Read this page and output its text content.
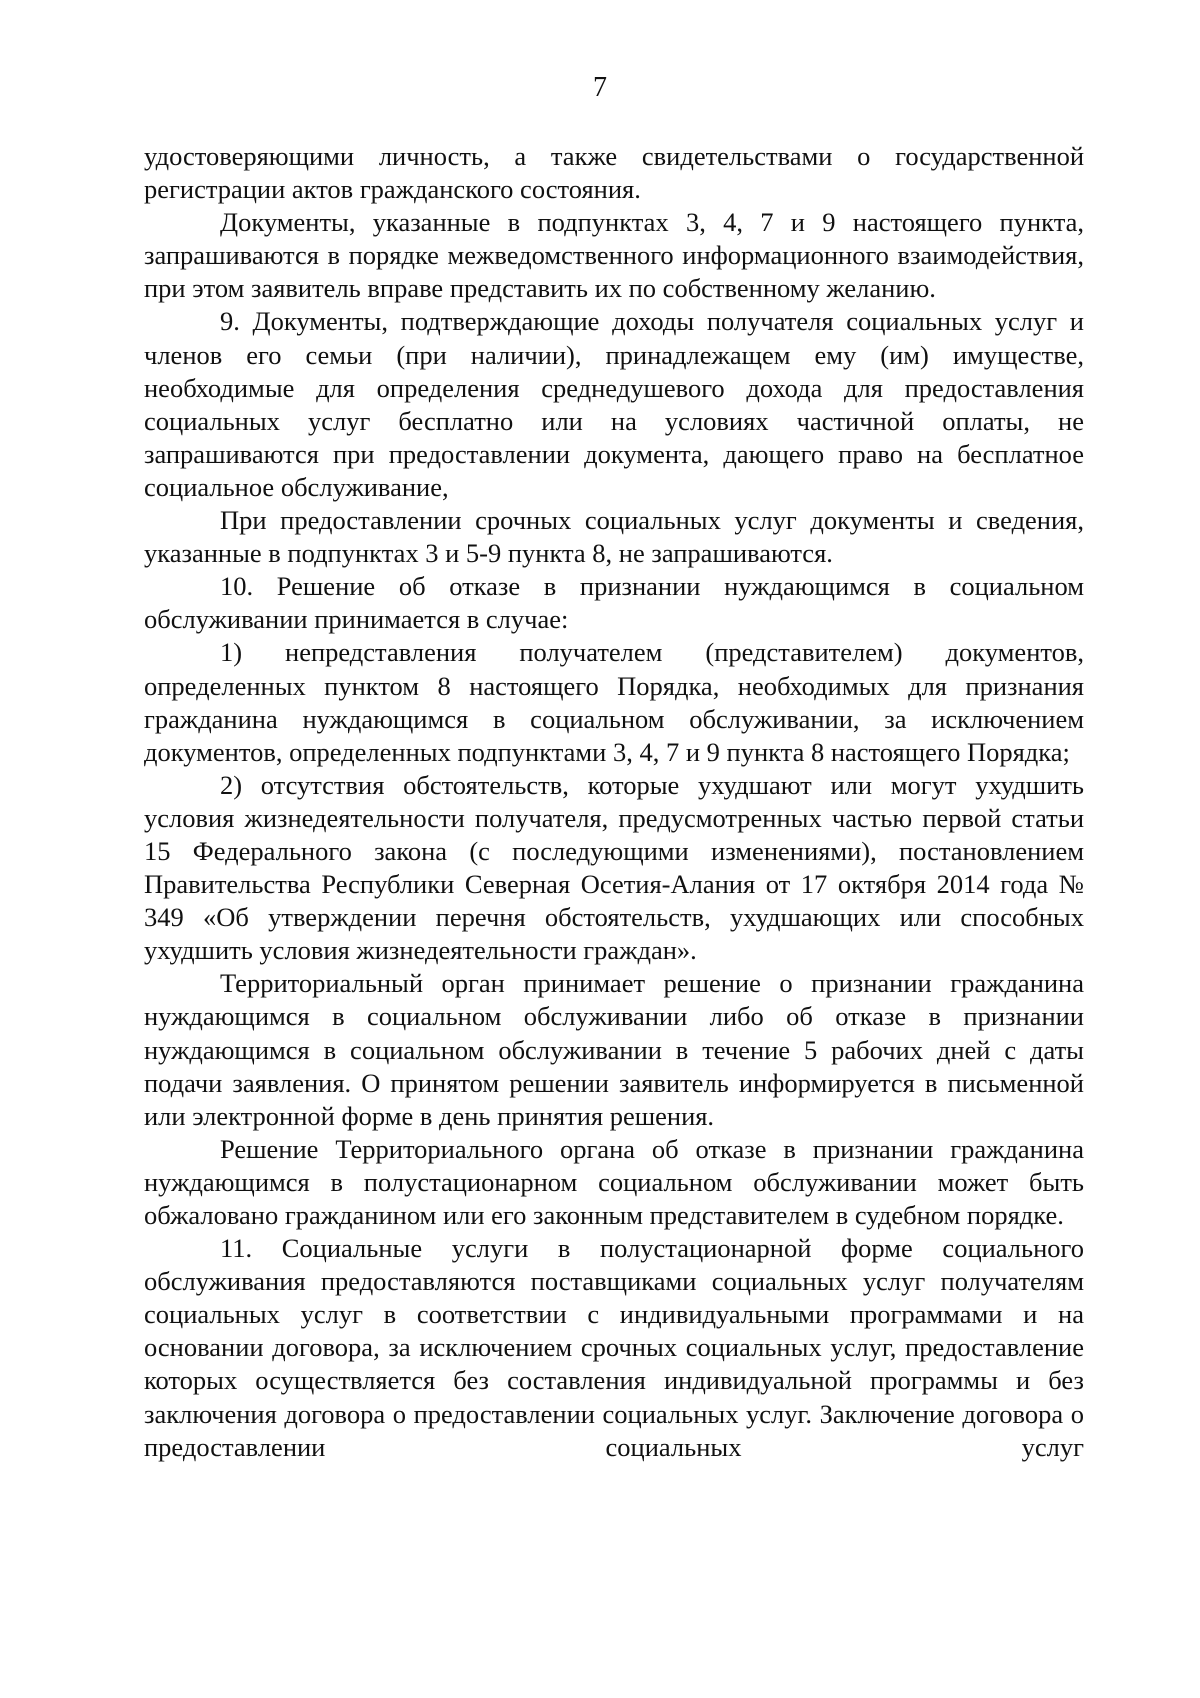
7

удостоверяющими личность, а также свидетельствами о государственной регистрации актов гражданского состояния.

Документы, указанные в подпунктах 3, 4, 7 и 9 настоящего пункта, запрашиваются в порядке межведомственного информационного взаимодействия, при этом заявитель вправе представить их по собственному желанию.

9. Документы, подтверждающие доходы получателя социальных услуг и членов его семьи (при наличии), принадлежащем ему (им) имуществе, необходимые для определения среднедушевого дохода для предоставления социальных услуг бесплатно или на условиях частичной оплаты, не запрашиваются при предоставлении документа, дающего право на бесплатное социальное обслуживание,

При предоставлении срочных социальных услуг документы и сведения, указанные в подпунктах 3 и 5-9 пункта 8, не запрашиваются.

10. Решение об отказе в признании нуждающимся в социальном обслуживании принимается в случае:

1) непредставления получателем (представителем) документов, определенных пунктом 8 настоящего Порядка, необходимых для признания гражданина нуждающимся в социальном обслуживании, за исключением документов, определенных подпунктами 3, 4, 7 и 9 пункта 8 настоящего Порядка;

2) отсутствия обстоятельств, которые ухудшают или могут ухудшить условия жизнедеятельности получателя, предусмотренных частью первой статьи 15 Федерального закона (с последующими изменениями), постановлением Правительства Республики Северная Осетия-Алания от 17 октября 2014 года № 349 «Об утверждении перечня обстоятельств, ухудшающих или способных ухудшить условия жизнедеятельности граждан».

Территориальный орган принимает решение о признании гражданина нуждающимся в социальном обслуживании либо об отказе в признании нуждающимся в социальном обслуживании в течение 5 рабочих дней с даты подачи заявления. О принятом решении заявитель информируется в письменной или электронной форме в день принятия решения.

Решение Территориального органа об отказе в признании гражданина нуждающимся в полустационарном социальном обслуживании может быть обжаловано гражданином или его законным представителем в судебном порядке.

11. Социальные услуги в полустационарной форме социального обслуживания предоставляются поставщиками социальных услуг получателям социальных услуг в соответствии с индивидуальными программами и на основании договора, за исключением срочных социальных услуг, предоставление которых осуществляется без составления индивидуальной программы и без заключения договора о предоставлении социальных услуг. Заключение договора о предоставлении социальных услуг
